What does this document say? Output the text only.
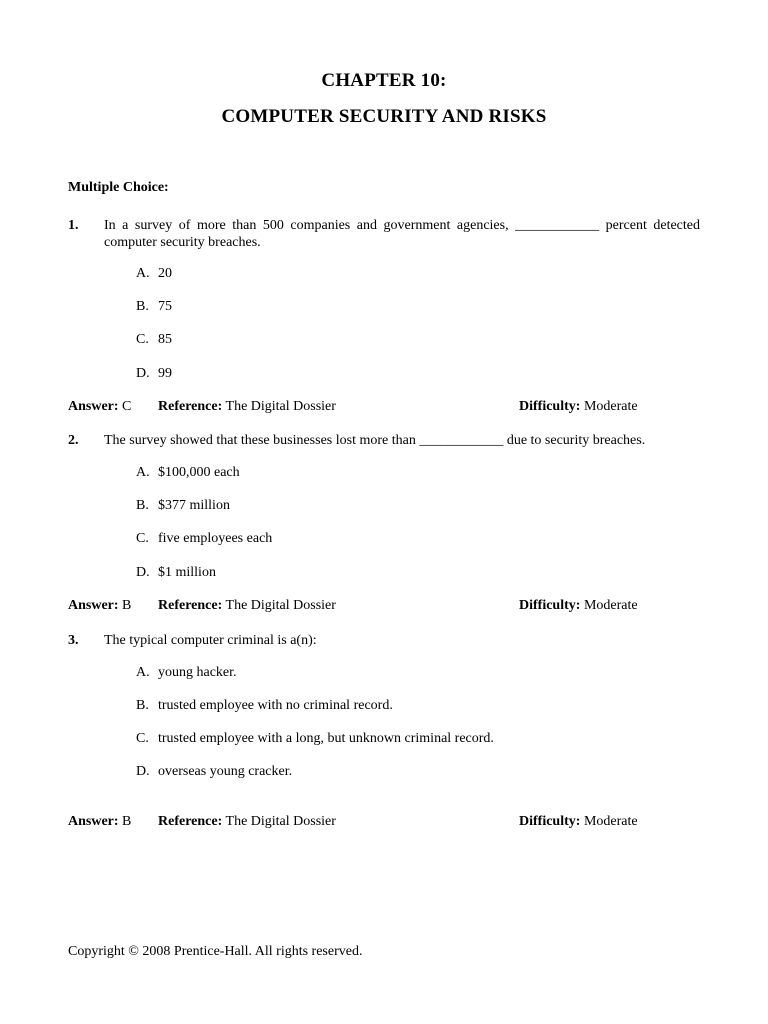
CHAPTER 10:
COMPUTER SECURITY AND RISKS
Multiple Choice:
1. In a survey of more than 500 companies and government agencies, ____________ percent detected computer security breaches.
A. 20
B. 75
C. 85
D. 99
Answer: C Reference: The Digital Dossier	Difficulty: Moderate
2. The survey showed that these businesses lost more than ____________ due to security breaches.
A. $100,000 each
B. $377 million
C. five employees each
D. $1 million
Answer: B Reference: The Digital Dossier	Difficulty: Moderate
3. The typical computer criminal is a(n):
A. young hacker.
B. trusted employee with no criminal record.
C. trusted employee with a long, but unknown criminal record.
D. overseas young cracker.
Answer: B Reference: The Digital Dossier	Difficulty: Moderate
Copyright © 2008 Prentice-Hall. All rights reserved.
